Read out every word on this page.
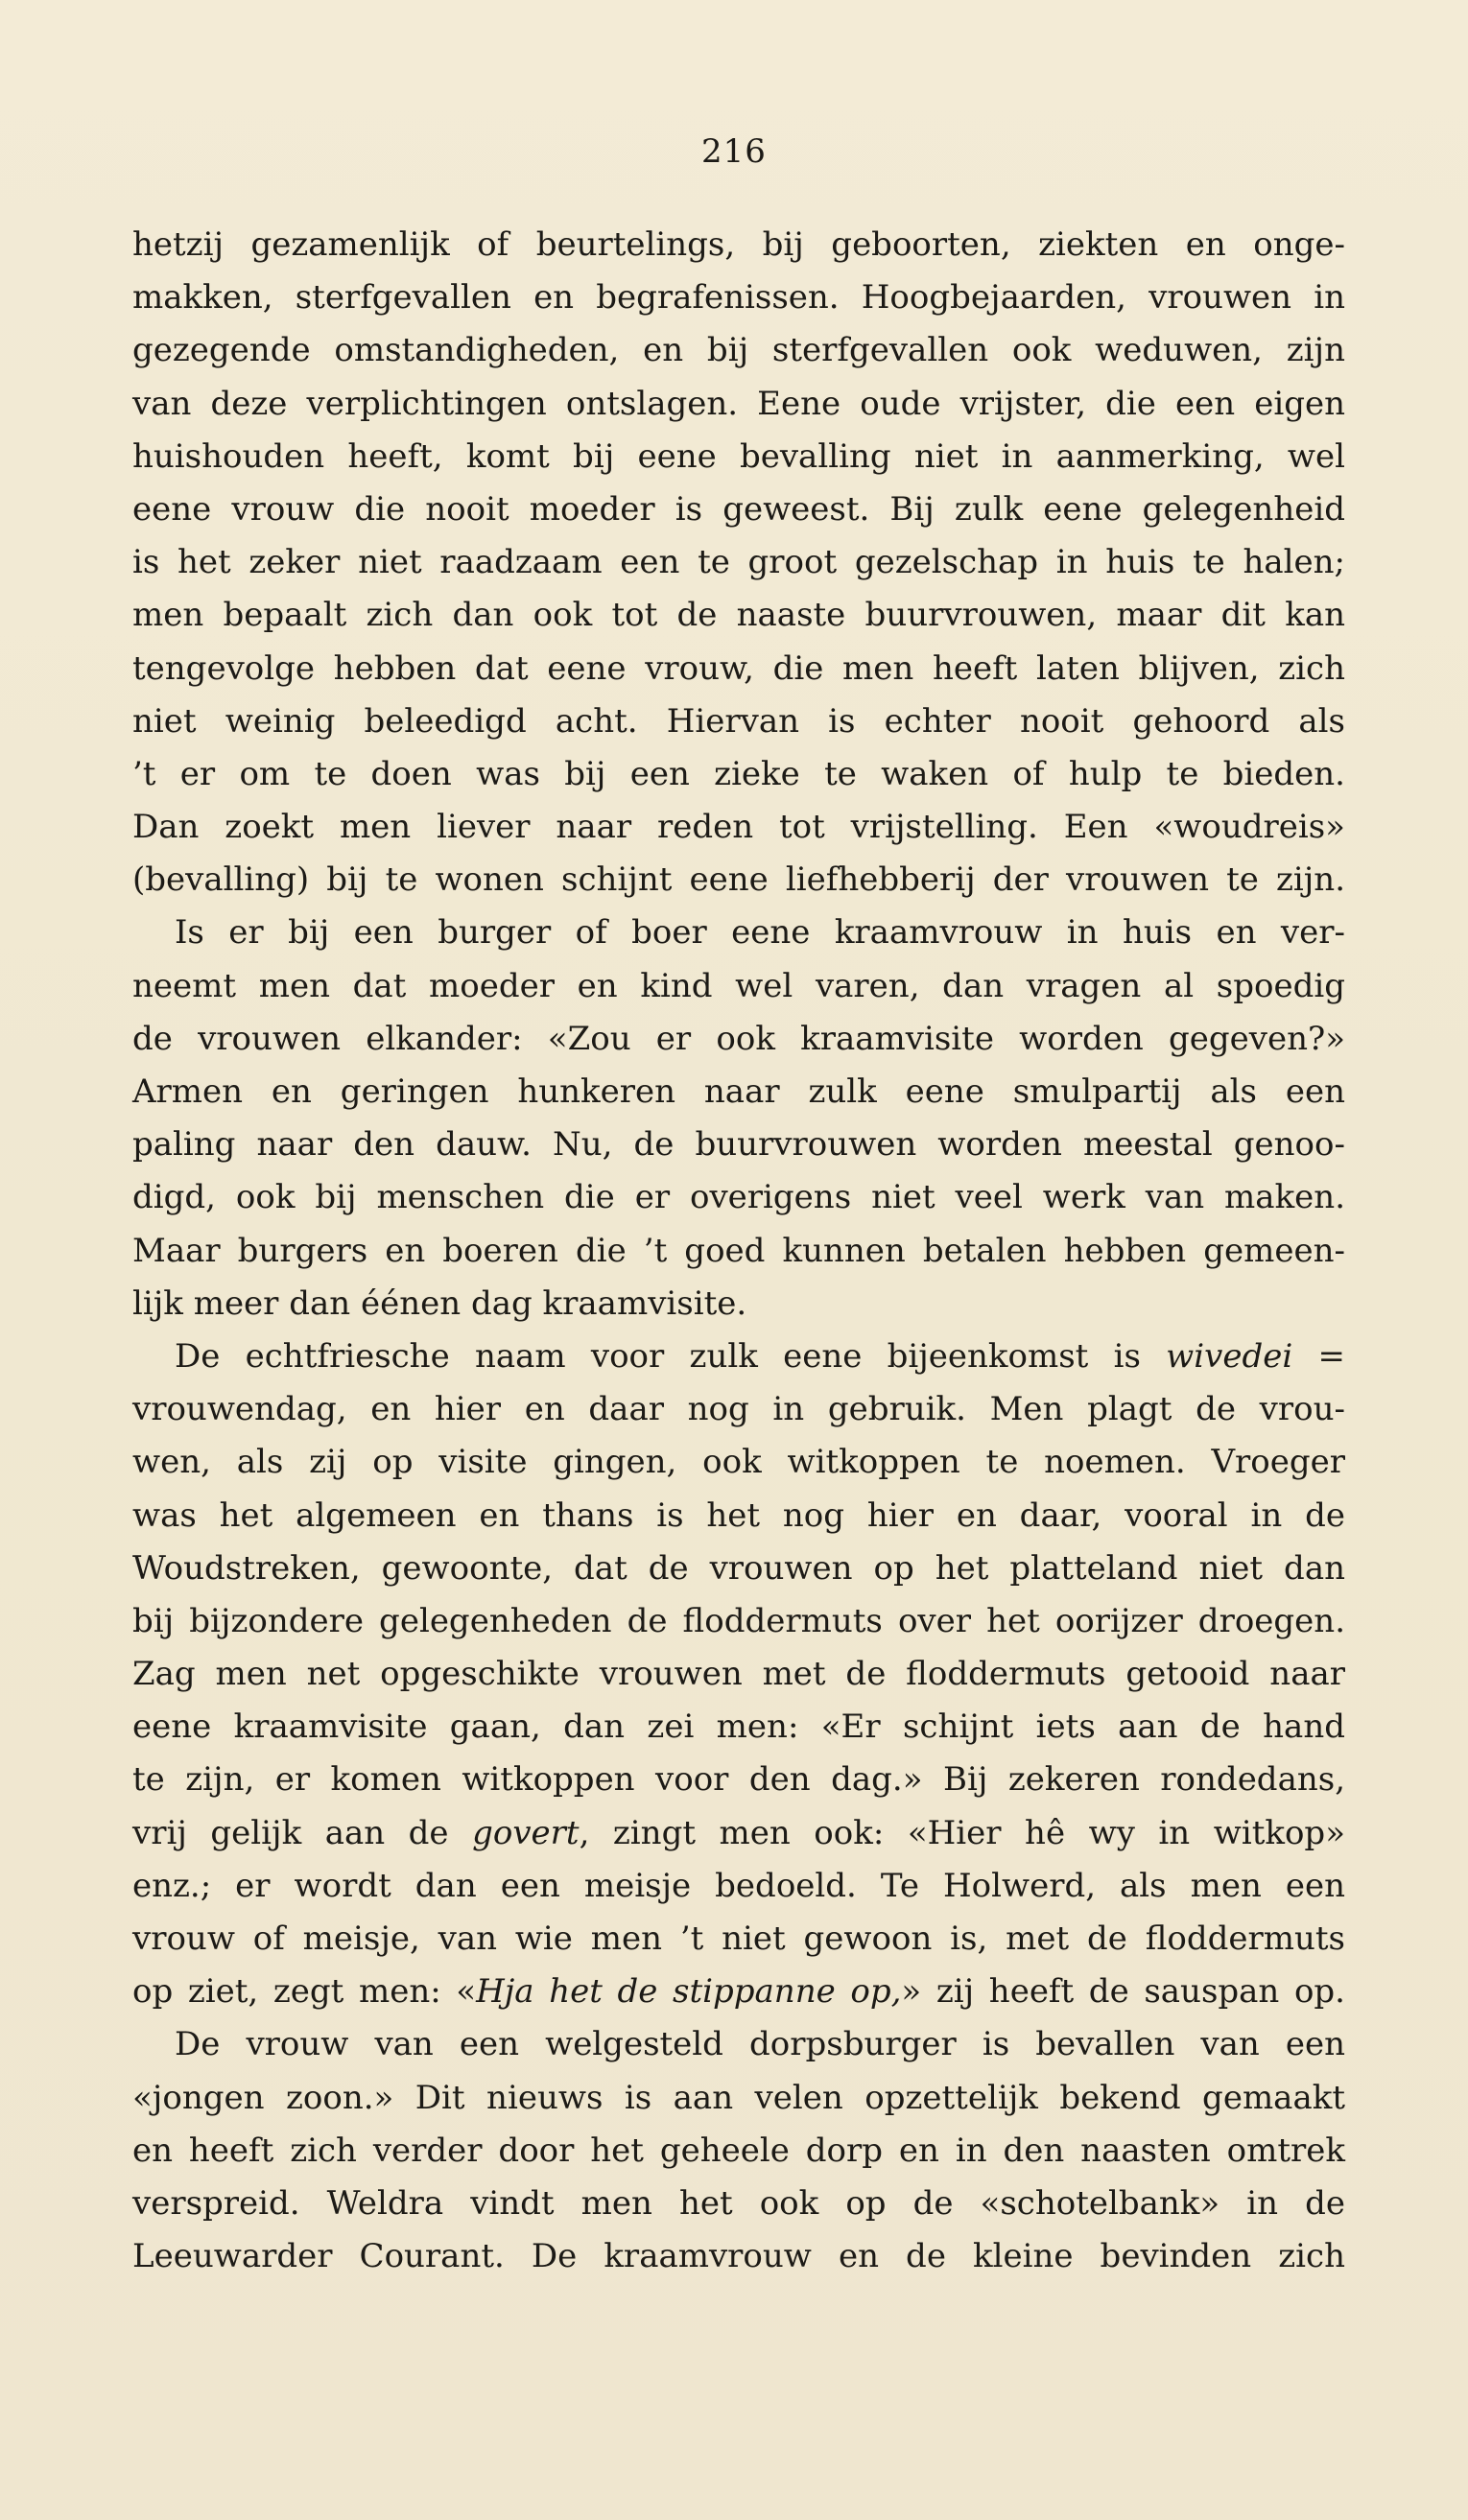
216
hetzij gezamenlijk of beurtelings, bij geboorten, ziekten en onge-
makken, sterfgevallen en begrafenissen. Hoogbejaarden, vrouwen in
gezegende omstandigheden, en bij sterfgevallen ook weduwen, zijn
van deze verplichtingen ontslagen. Eene oude vrijster, die een eigen
huishouden heeft, komt bij eene bevalling niet in aanmerking, wel
eene vrouw die nooit moeder is geweest. Bij zulk eene gelegenheid
is het zeker niet raadzaam een te groot gezelschap in huis te halen;
men bepaalt zich dan ook tot de naaste buurvrouwen, maar dit kan
tengevolge hebben dat eene vrouw, die men heeft laten blijven, zich
niet weinig beleedigd acht. Hiervan is echter nooit gehoord als
’t er om te doen was bij een zieke te waken of hulp te bieden.
Dan zoekt men liever naar reden tot vrijstelling. Een «woudreis»
(bevalling) bij te wonen schijnt eene liefhebberij der vrouwen te zijn.
Is er bij een burger of boer eene kraamvrouw in huis en ver-
neemt men dat moeder en kind wel varen, dan vragen al spoedig
de vrouwen elkander: «Zou er ook kraamvisite worden gegeven?»
Armen en geringen hunkeren naar zulk eene smulpartij als een
paling naar den dauw. Nu, de buurvrouwen worden meestal genoo-
digd, ook bij menschen die er overigens niet veel werk van maken.
Maar burgers en boeren die ’t goed kunnen betalen hebben gemeen-
lijk meer dan éénen dag kraamvisite.
De echtfriesche naam voor zulk eene bijeenkomst is wivedei =
vrouwendag, en hier en daar nog in gebruik. Men plagt de vrou-
wen, als zij op visite gingen, ook witkoppen te noemen. Vroeger
was het algemeen en thans is het nog hier en daar, vooral in de
Woudstreken, gewoonte, dat de vrouwen op het platteland niet dan
bij bijzondere gelegenheden de floddermuts over het oorijzer droegen.
Zag men net opgeschikte vrouwen met de floddermuts getooid naar
eene kraamvisite gaan, dan zei men: «Er schijnt iets aan de hand
te zijn, er komen witkoppen voor den dag.» Bij zekeren rondedans,
vrij gelijk aan de govert, zingt men ook: «Hier hê wy in witkop»
enz.; er wordt dan een meisje bedoeld. Te Holwerd, als men een
vrouw of meisje, van wie men ’t niet gewoon is, met de floddermuts
op ziet, zegt men: «Hja het de stippanne op,» zij heeft de sauspan op.
De vrouw van een welgesteld dorpsburger is bevallen van een
«jongen zoon.» Dit nieuws is aan velen opzettelijk bekend gemaakt
en heeft zich verder door het geheele dorp en in den naasten omtrek
verspreid. Weldra vindt men het ook op de «schotelbank» in de
Leeuwarder Courant. De kraamvrouw en de kleine bevinden zich
